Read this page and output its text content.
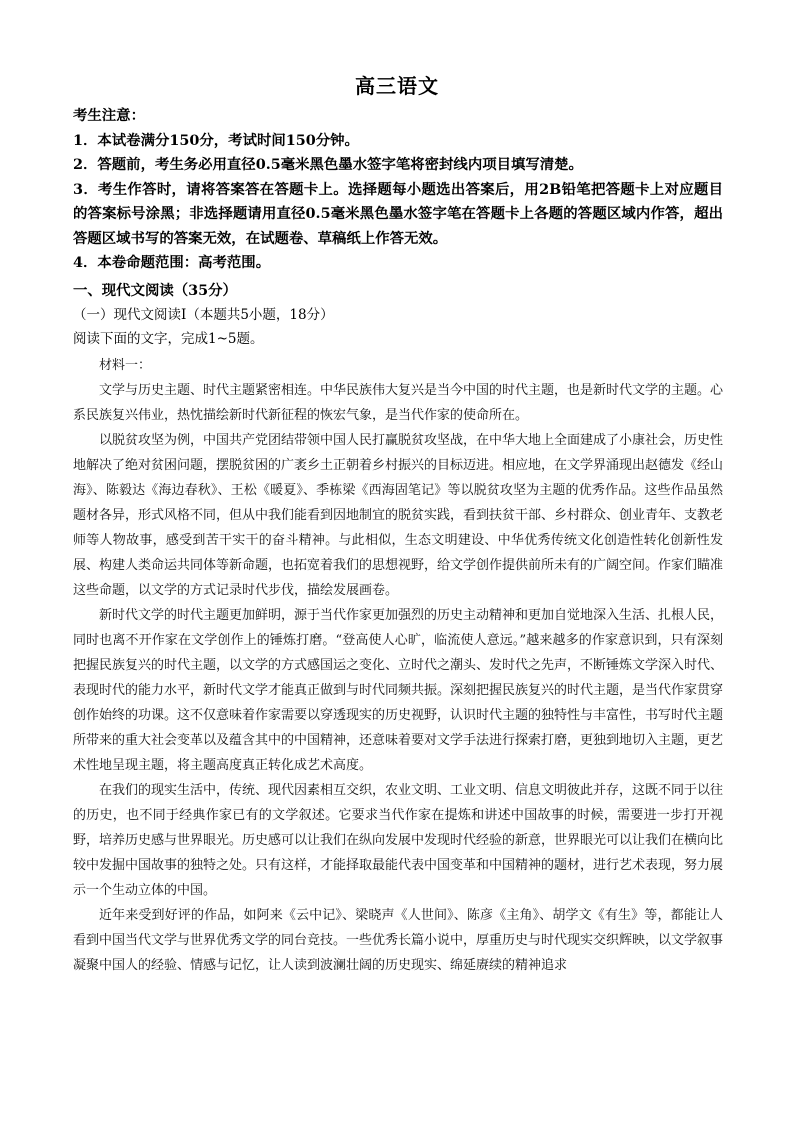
高三语文
考生注意：
1．本试卷满分150分，考试时间150分钟。
2．答题前，考生务必用直径0.5毫米黑色墨水签字笔将密封线内项目填写清楚。
3．考生作答时，请将答案答在答题卡上。选择题每小题选出答案后，用2B铅笔把答题卡上对应题目的答案标号涂黑；非选择题请用直径0.5毫米黑色墨水签字笔在答题卡上各题的答题区域内作答，超出答题区域书写的答案无效，在试题卷、草稿纸上作答无效。
4．本卷命题范围：高考范围。
一、现代文阅读（35分）
（一）现代文阅读Ⅰ（本题共5小题，18分）
阅读下面的文字，完成1~5题。

材料一：

文学与历史主题、时代主题紧密相连。中华民族伟大复兴是当今中国的时代主题，也是新时代文学的主题。心系民族复兴伟业，热忱描绘新时代新征程的恢宏气象，是当代作家的使命所在。

以脱贫攻坚为例，中国共产党团结带领中国人民打赢脱贫攻坚战，在中华大地上全面建成了小康社会，历史性地解决了绝对贫困问题，摆脱贫困的广袤乡土正朝着乡村振兴的目标迈进。相应地，在文学界涌现出赵德发《经山海》、陈毅达《海边春秋》、王松《暖夏》、季栋梁《西海固笔记》等以脱贫攻坚为主题的优秀作品。这些作品虽然题材各异，形式风格不同，但从中我们能看到因地制宜的脱贫实践，看到扶贫干部、乡村群众、创业青年、支教老师等人物故事，感受到苦干实干的奋斗精神。与此相似，生态文明建设、中华优秀传统文化创造性转化创新性发展、构建人类命运共同体等新命题，也拓宽着我们的思想视野，给文学创作提供前所未有的广阔空间。作家们瞄准这些命题，以文学的方式记录时代步伐，描绘发展画卷。

新时代文学的时代主题更加鲜明，源于当代作家更加强烈的历史主动精神和更加自觉地深入生活、扎根人民，同时也离不开作家在文学创作上的锤炼打磨。“登高使人心旷，临流使人意远。”越来越多的作家意识到，只有深刻把握民族复兴的时代主题，以文学的方式感国运之变化、立时代之潮头、发时代之先声，不断锤炼文学深入时代、表现时代的能力水平，新时代文学才能真正做到与时代同频共振。深刻把握民族复兴的时代主题，是当代作家贯穿创作始终的功课。这不仅意味着作家需要以穿透现实的历史视野，认识时代主题的独特性与丰富性，书写时代主题所带来的重大社会变革以及蕴含其中的中国精神，还意味着要对文学手法进行探索打磨，更独到地切入主题，更艺术性地呈现主题，将主题高度真正转化成艺术高度。

在我们的现实生活中，传统、现代因素相互交织，农业文明、工业文明、信息文明彼此并存，这既不同于以往的历史，也不同于经典作家已有的文学叙述。它要求当代作家在提炼和讲述中国故事的时候，需要进一步打开视野，培养历史感与世界眼光。历史感可以让我们在纵向发展中发现时代经验的新意，世界眼光可以让我们在横向比较中发掘中国故事的独特之处。只有这样，才能择取最能代表中国变革和中国精神的题材，进行艺术表现，努力展示一个生动立体的中国。

近年来受到好评的作品，如阿来《云中记》、梁晓声《人世间》、陈彦《主角》、胡学文《有生》等，都能让人看到中国当代文学与世界优秀文学的同台竞技。一些优秀长篇小说中，厚重历史与时代现实交织辉映，以文学叙事凝聚中国人的经验、情感与记忆，让人读到波澜壮阔的历史现实、绵延赓续的精神追求
